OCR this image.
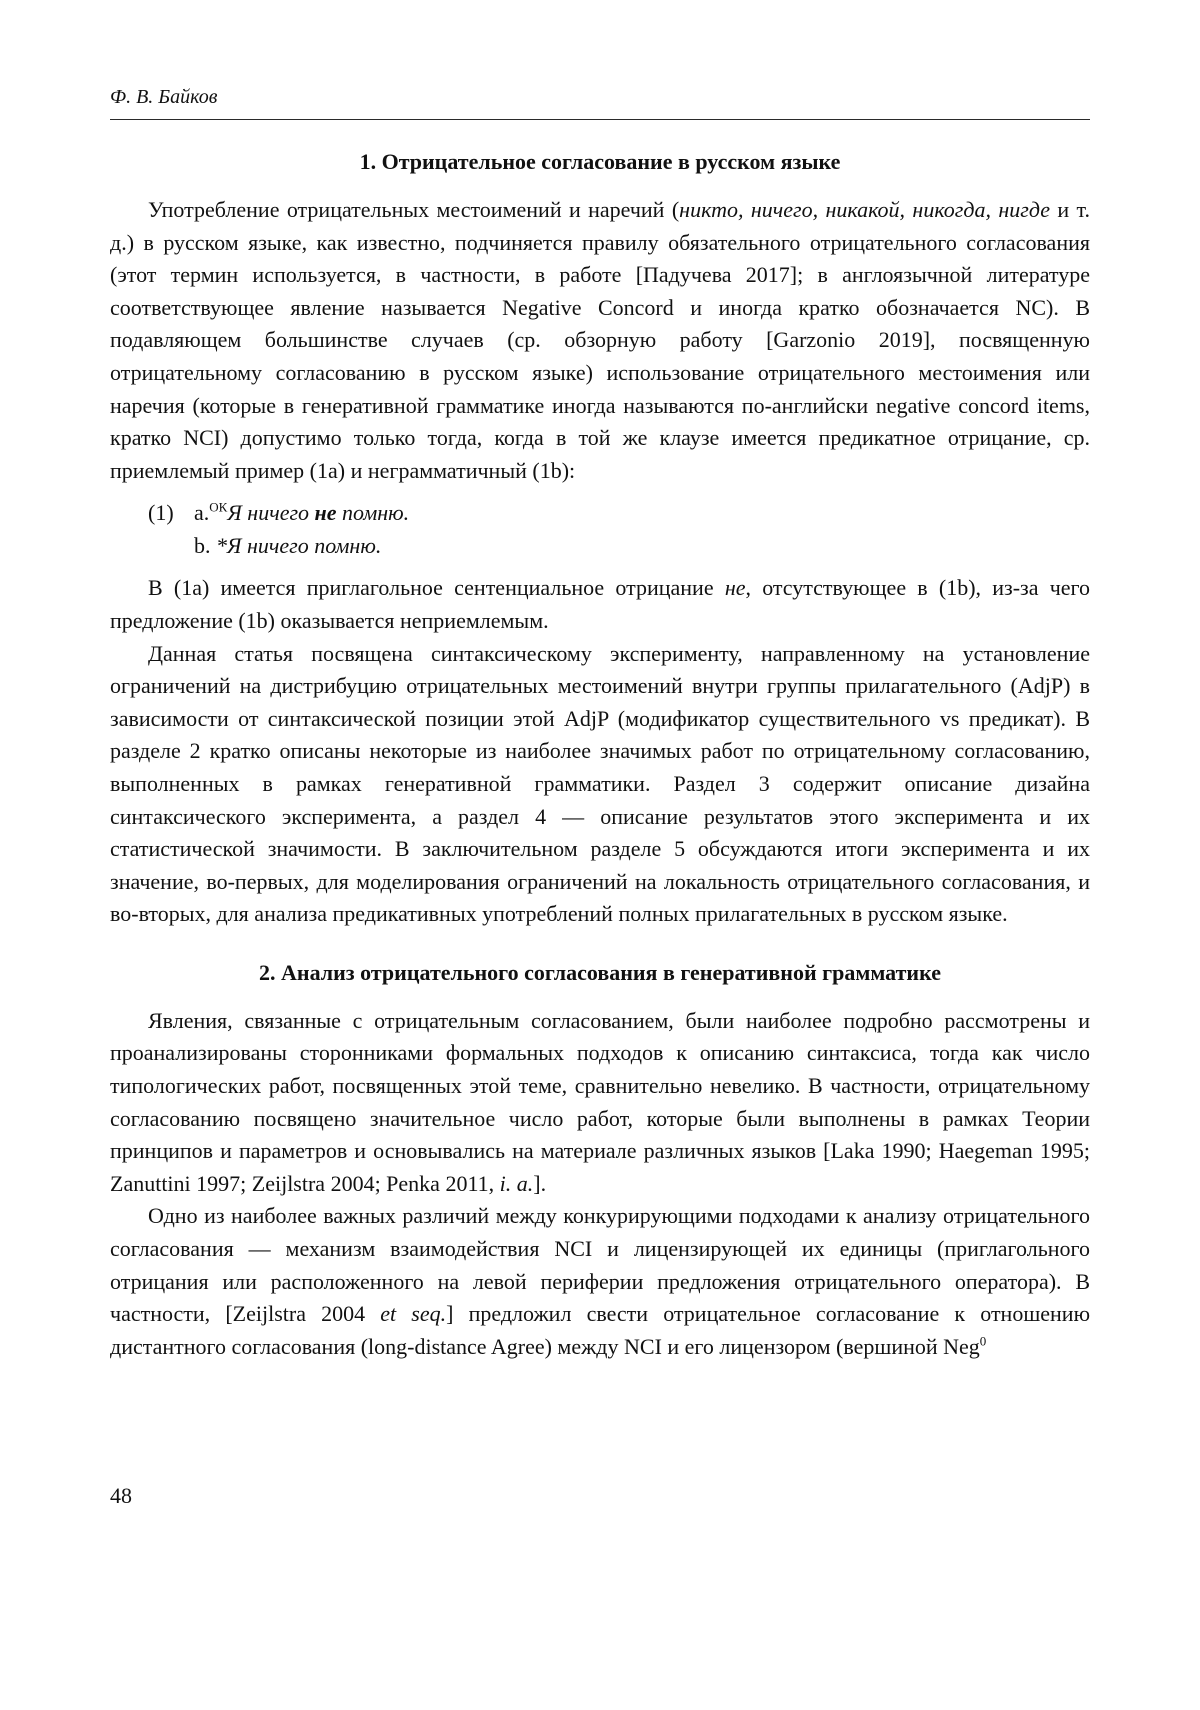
Ф. В. Байков
1. Отрицательное согласование в русском языке

Употребление отрицательных местоимений и наречий (никто, ничего, никакой, никогда, нигде и т. д.) в русском языке, как известно, подчиняется правилу обязательного отрицательного согласования (этот термин используется, в частности, в работе [Падучева 2017]; в англоязычной литературе соответствующее явление называется Negative Concord и иногда кратко обозначается NC). В подавляющем большинстве случаев (ср. обзорную работу [Garzonio 2019], посвященную отрицательному согласованию в русском языке) использование отрицательного местоимения или наречия (которые в генеративной грамматике иногда называются по-английски negative concord items, кратко NCI) допустимо только тогда, когда в той же клаузе имеется предикатное отрицание, ср. приемлемый пример (1a) и неграмматичный (1b):

(1) a.$^{ОК}$Я ничего не помню.
b. *Я ничего помню.

В (1a) имеется приглагольное сентенциальное отрицание не, отсутствующее в (1b), из-за чего предложение (1b) оказывается неприемлемым.

Данная статья посвящена синтаксическому эксперименту, направленному на установление ограничений на дистрибуцию отрицательных местоимений внутри группы прилагательного (AdjP) в зависимости от синтаксической позиции этой AdjP (модификатор существительного vs предикат). В разделе 2 кратко описаны некоторые из наиболее значимых работ по отрицательному согласованию, выполненных в рамках генеративной грамматики. Раздел 3 содержит описание дизайна синтаксического эксперимента, а раздел 4 — описание результатов этого эксперимента и их статистической значимости. В заключительном разделе 5 обсуждаются итоги эксперимента и их значение, во-первых, для моделирования ограничений на локальность отрицательного согласования, и во-вторых, для анализа предикативных употреблений полных прилагательных в русском языке.

2. Анализ отрицательного согласования в генеративной грамматике

Явления, связанные с отрицательным согласованием, были наиболее подробно рассмотрены и проанализированы сторонниками формальных подходов к описанию синтаксиса, тогда как число типологических работ, посвященных этой теме, сравнительно невелико. В частности, отрицательному согласованию посвящено значительное число работ, которые были выполнены в рамках Теории принципов и параметров и основывались на материале различных языков [Laka 1990; Haegeman 1995; Zanuttini 1997; Zeijlstra 2004; Penka 2011, i. a.].

Одно из наиболее важных различий между конкурирующими подходами к анализу отрицательного согласования — механизм взаимодействия NCI и лицензирующей их единицы (приглагольного отрицания или расположенного на левой периферии предложения отрицательного оператора). В частности, [Zeijlstra 2004 et seq.] предложил свести отрицательное согласование к отношению дистантного согласования (long-distance Agree) между NCI и его лицензором (вершиной Neg$^0$

48
